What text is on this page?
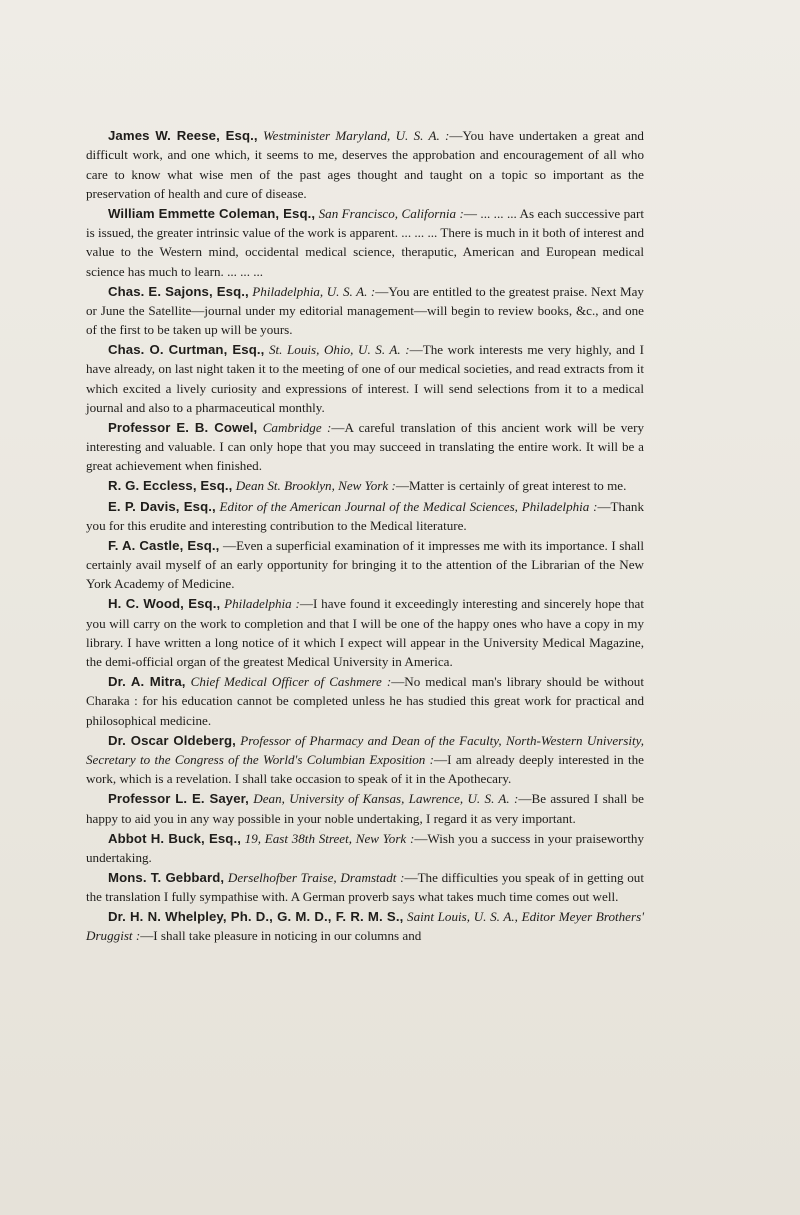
James W. Reese, Esq., Westminister Maryland, U. S. A. :—You have undertaken a great and difficult work, and one which, it seems to me, deserves the approbation and encouragement of all who care to know what wise men of the past ages thought and taught on a topic so important as the preservation of health and cure of disease.
William Emmette Coleman, Esq., San Francisco, California :— ... ... ... As each successive part is issued, the greater intrinsic value of the work is apparent. ... ... ... There is much in it both of interest and value to the Western mind, occidental medical science, theraputic, American and European medical science has much to learn. ... ... ...
Chas. E. Sajons, Esq., Philadelphia, U. S. A. :—You are entitled to the greatest praise. Next May or June the Satellite—journal under my editorial management—will begin to review books, &c., and one of the first to be taken up will be yours.
Chas. O. Curtman, Esq., St. Louis, Ohio, U. S. A. :—The work interests me very highly, and I have already, on last night taken it to the meeting of one of our medical societies, and read extracts from it which excited a lively curiosity and expressions of interest. I will send selections from it to a medical journal and also to a pharmaceutical monthly.
Professor E. B. Cowel, Cambridge :—A careful translation of this ancient work will be very interesting and valuable. I can only hope that you may succeed in translating the entire work. It will be a great achievement when finished.
R. G. Eccless, Esq., Dean St. Brooklyn, New York :—Matter is certainly of great interest to me.
E. P. Davis, Esq., Editor of the American Journal of the Medical Sciences, Philadelphia :—Thank you for this erudite and interesting contribution to the Medical literature.
F. A. Castle, Esq., —Even a superficial examination of it impresses me with its importance. I shall certainly avail myself of an early opportunity for bringing it to the attention of the Librarian of the New York Academy of Medicine.
H. C. Wood, Esq., Philadelphia :—I have found it exceedingly interesting and sincerely hope that you will carry on the work to completion and that I will be one of the happy ones who have a copy in my library. I have written a long notice of it which I expect will appear in the University Medical Magazine, the demi-official organ of the greatest Medical University in America.
Dr. A. Mitra, Chief Medical Officer of Cashmere :—No medical man's library should be without Charaka : for his education cannot be completed unless he has studied this great work for practical and philosophical medicine.
Dr. Oscar Oldeberg, Professor of Pharmacy and Dean of the Faculty, North-Western University, Secretary to the Congress of the World's Columbian Exposition :—I am already deeply interested in the work, which is a revelation. I shall take occasion to speak of it in the Apothecary.
Professor L. E. Sayer, Dean, University of Kansas, Lawrence, U. S. A. :—Be assured I shall be happy to aid you in any way possible in your noble undertaking, I regard it as very important.
Abbot H. Buck, Esq., 19, East 38th Street, New York :—Wish you a success in your praiseworthy undertaking.
Mons. T. Gebbard, Derselhofber Traise, Dramstadt :—The difficulties you speak of in getting out the translation I fully sympathise with. A German proverb says what takes much time comes out well.
Dr. H. N. Whelpley, Ph. D., G. M. D., F. R. M. S., Saint Louis, U. S. A., Editor Meyer Brothers' Druggist :—I shall take pleasure in noticing in our columns and
